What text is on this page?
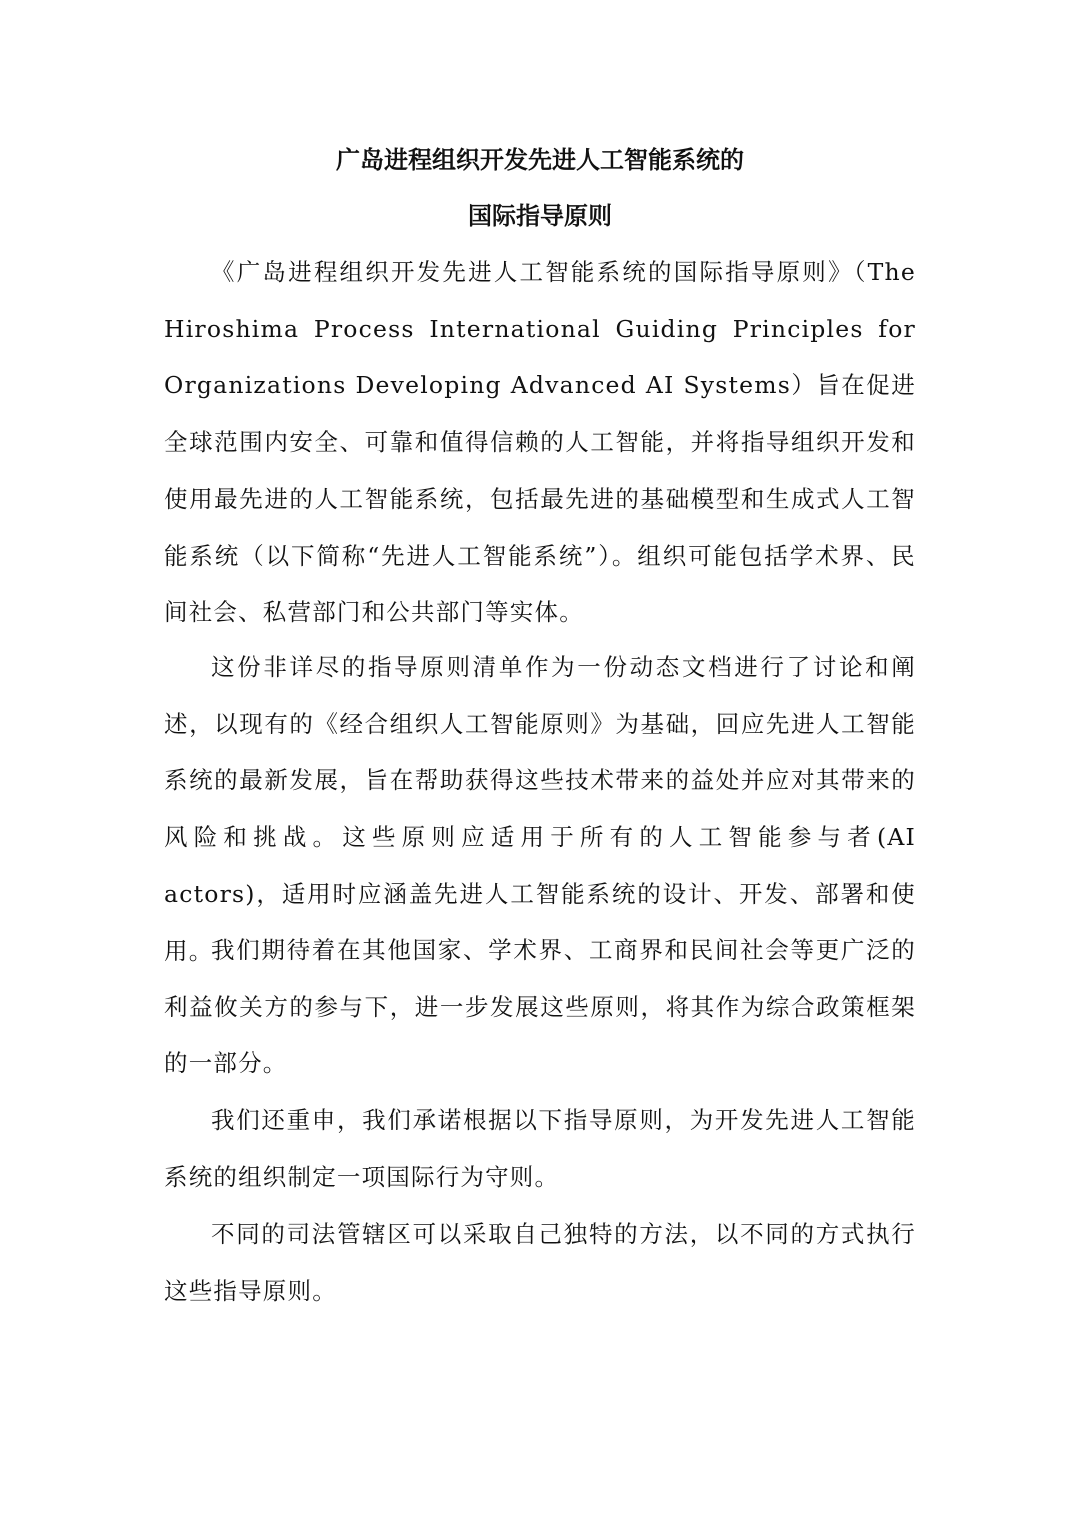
广岛进程组织开发先进人工智能系统的
国际指导原则

《广岛进程组织开发先进人工智能系统的国际指导原则》（The Hiroshima Process International Guiding Principles for Organizations Developing Advanced AI Systems）旨在促进全球范围内安全、可靠和值得信赖的人工智能，并将指导组织开发和使用最先进的人工智能系统，包括最先进的基础模型和生成式人工智能系统（以下简称“先进人工智能系统”）。组织可能包括学术界、民间社会、私营部门和公共部门等实体。

这份非详尽的指导原则清单作为一份动态文档进行了讨论和阐述，以现有的《经合组织人工智能原则》为基础，回应先进人工智能系统的最新发展，旨在帮助获得这些技术带来的益处并应对其带来的风险和挑战。这些原则应适用于所有的人工智能参与者(AI actors)，适用时应涵盖先进人工智能系统的设计、开发、部署和使用。

我们期待着在其他国家、学术界、工商界和民间社会等更广泛的利益攸关方的参与下，进一步发展这些原则，将其作为综合政策框架的一部分。

我们还重申，我们承诺根据以下指导原则，为开发先进人工智能系统的组织制定一项国际行为守则。

不同的司法管辖区可以采取自己独特的方法，以不同的方式执行这些指导原则。
